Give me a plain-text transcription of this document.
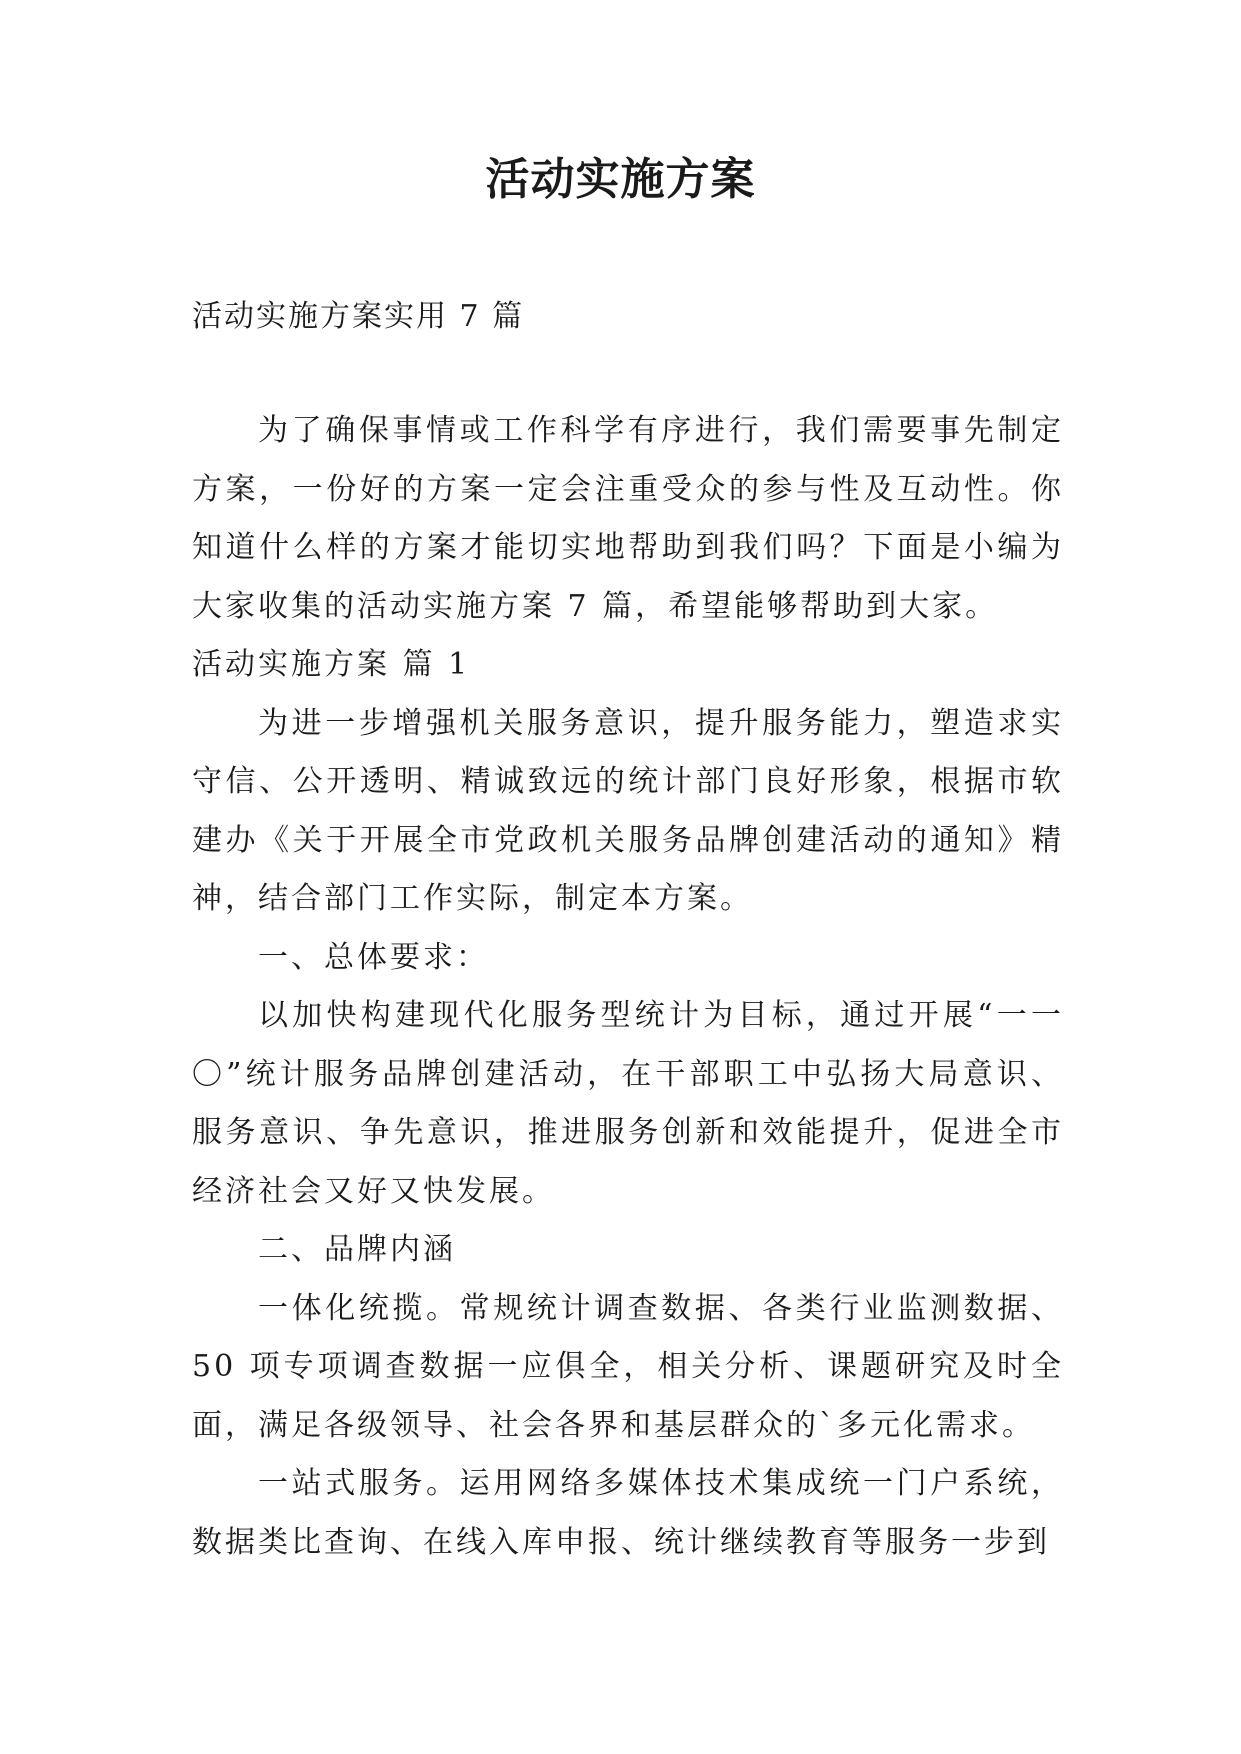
活动实施方案
活动实施方案实用 7 篇

为了确保事情或工作科学有序进行，我们需要事先制定方案，一份好的方案一定会注重受众的参与性及互动性。你知道什么样的方案才能切实地帮助到我们吗？下面是小编为大家收集的活动实施方案 7 篇，希望能够帮助到大家。

活动实施方案 篇 1

为进一步增强机关服务意识，提升服务能力，塑造求实守信、公开透明、精诚致远的统计部门良好形象，根据市软建办《关于开展全市党政机关服务品牌创建活动的通知》精神，结合部门工作实际，制定本方案。

一、总体要求：

以加快构建现代化服务型统计为目标，通过开展“一一〇”统计服务品牌创建活动，在干部职工中弘扬大局意识、服务意识、争先意识，推进服务创新和效能提升，促进全市经济社会又好又快发展。

二、品牌内涵

一体化统揽。常规统计调查数据、各类行业监测数据、50 项专项调查数据一应俱全，相关分析、课题研究及时全面，满足各级领导、社会各界和基层群众的`多元化需求。

一站式服务。运用网络多媒体技术集成统一门户系统，数据类比查询、在线入库申报、统计继续教育等服务一步到
